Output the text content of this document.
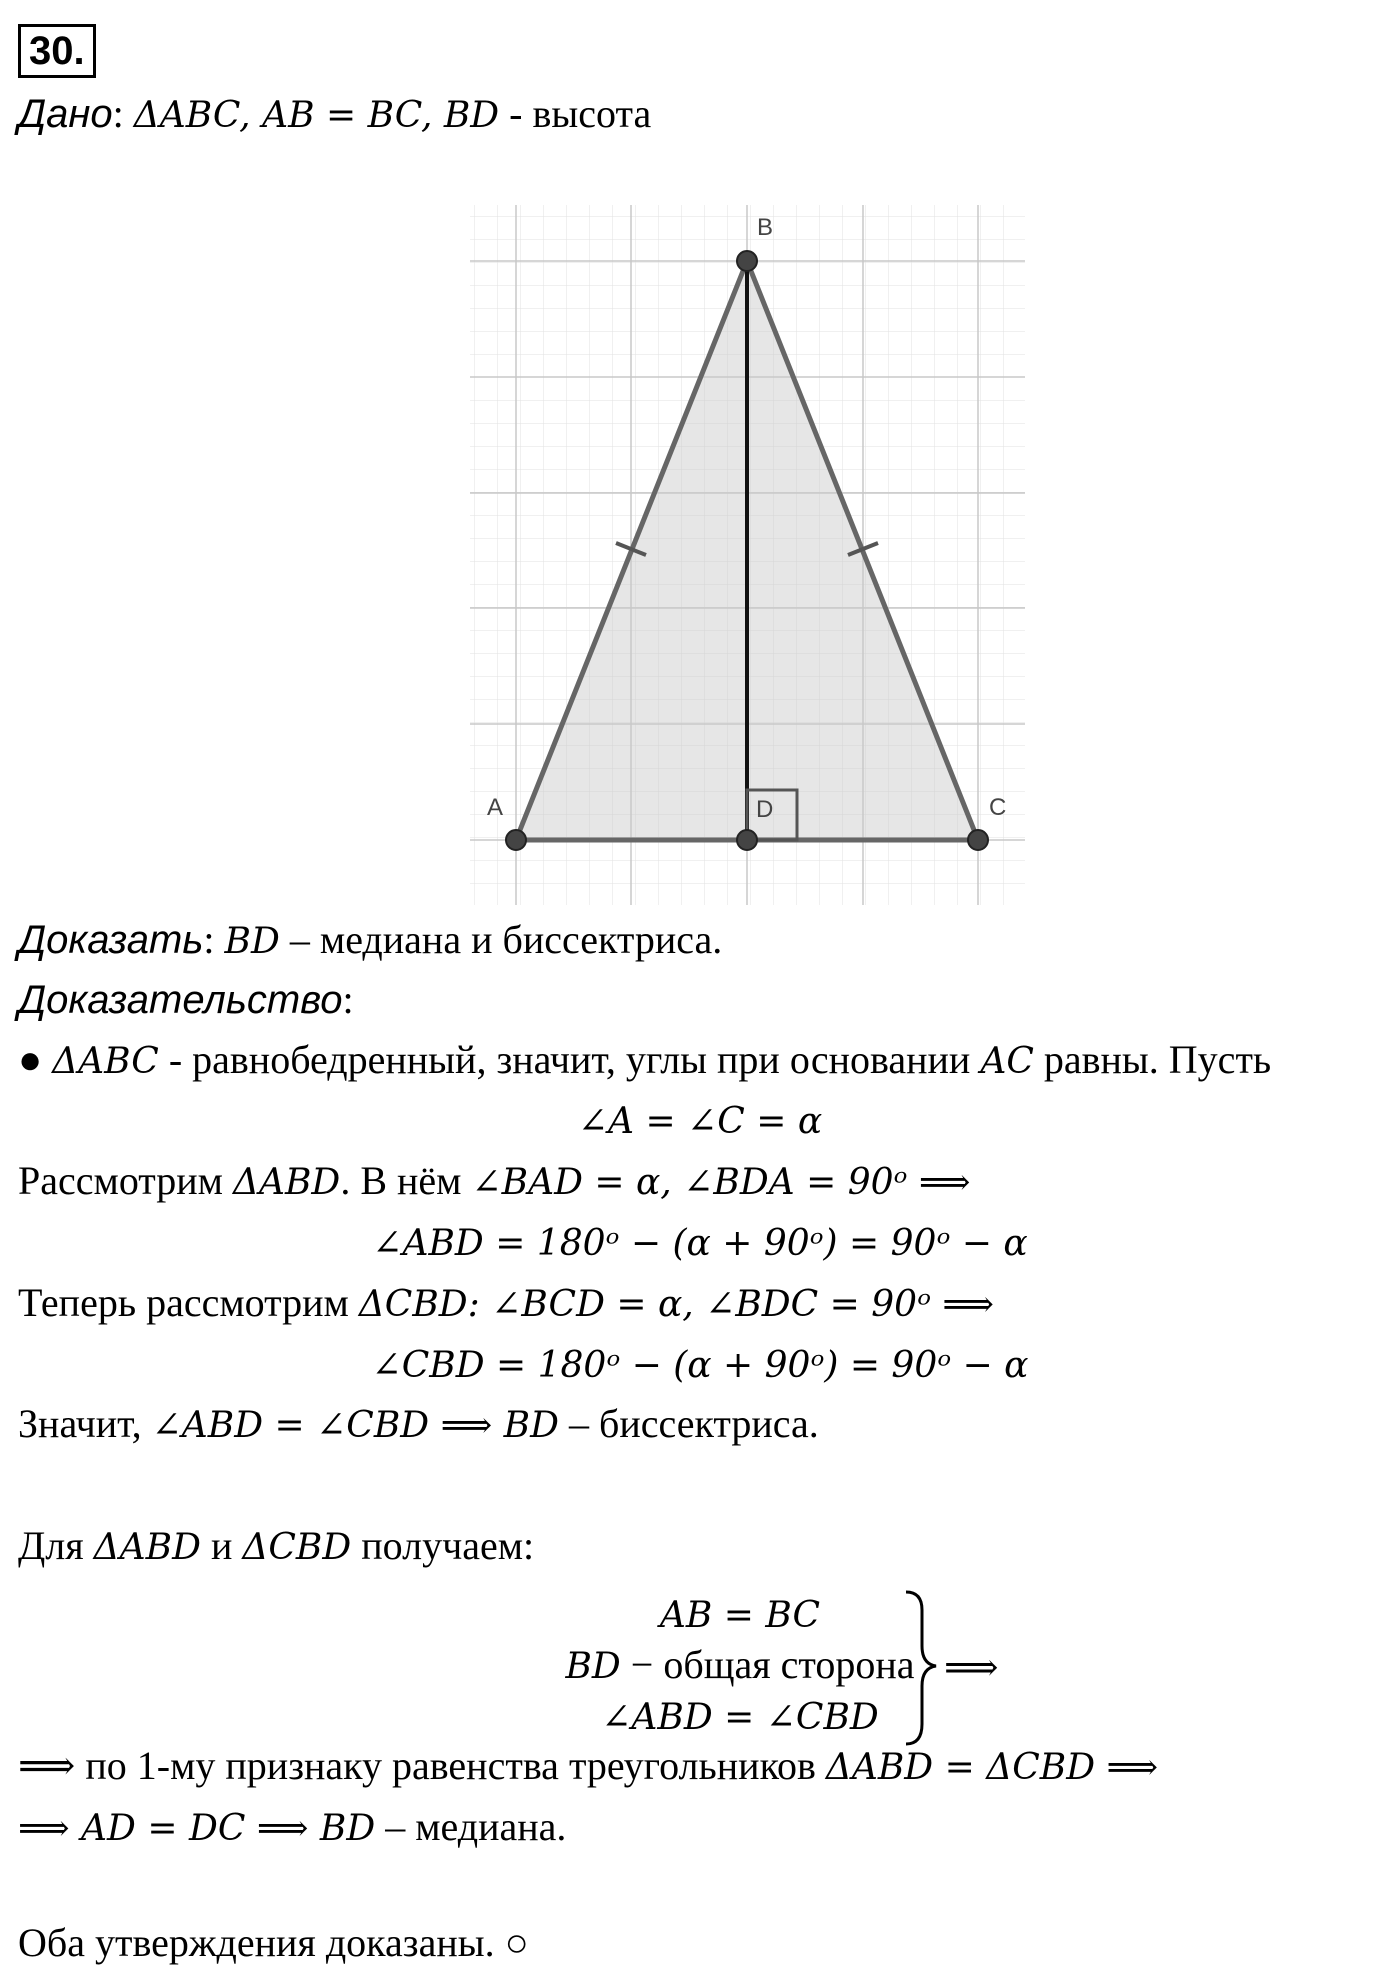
30.
Дано: ΔABC, AB = BC, BD - высота
B
A	C
D
Доказать: BD – медиана и биссектриса.
Доказательство:
● ΔABC - равнобедренный, значит, углы при основании AC равны. Пусть
∠A = ∠C = α
Рассмотрим ΔABD. В нём ∠BAD = α, ∠BDA = 90ᵒ ⟹
∠ABD = 180ᵒ − (α + 90ᵒ) = 90ᵒ − α
Теперь рассмотрим ΔCBD: ∠BCD = α, ∠BDC = 90ᵒ ⟹
∠CBD = 180ᵒ − (α + 90ᵒ) = 90ᵒ − α
Значит, ∠ABD = ∠CBD ⟹ BD – биссектриса.
Для ΔABD и ΔCBD получаем:
AB = BC
BD − общая сторона
∠ABD = ∠CBD
⟹
⟹ по 1-му признаку равенства треугольников ΔABD = ΔCBD ⟹
⟹ AD = DC ⟹ BD – медиана.
Оба утверждения доказаны. ○
